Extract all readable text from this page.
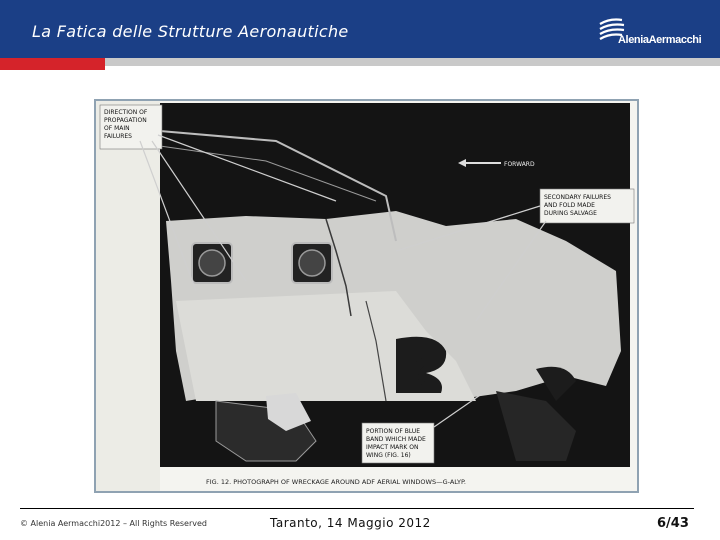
La Fatica delle Strutture Aeronautiche	AleniaAermacchi
B
FORWARD
DIRECTION OF PROPAGATION OF MAIN FAILURES
SECONDARY FAILURES AND FOLD MADE DURING SALVAGE
PORTION OF BLUE BAND WHICH MADE IMPACT MARK ON WING (FIG. 16)
FIG. 12. PHOTOGRAPH OF WRECKAGE AROUND ADF AERIAL WINDOWS—G-ALYP.
© Alenia Aermacchi2012 – All Rights Reserved	Taranto, 14 Maggio 2012	6/43
